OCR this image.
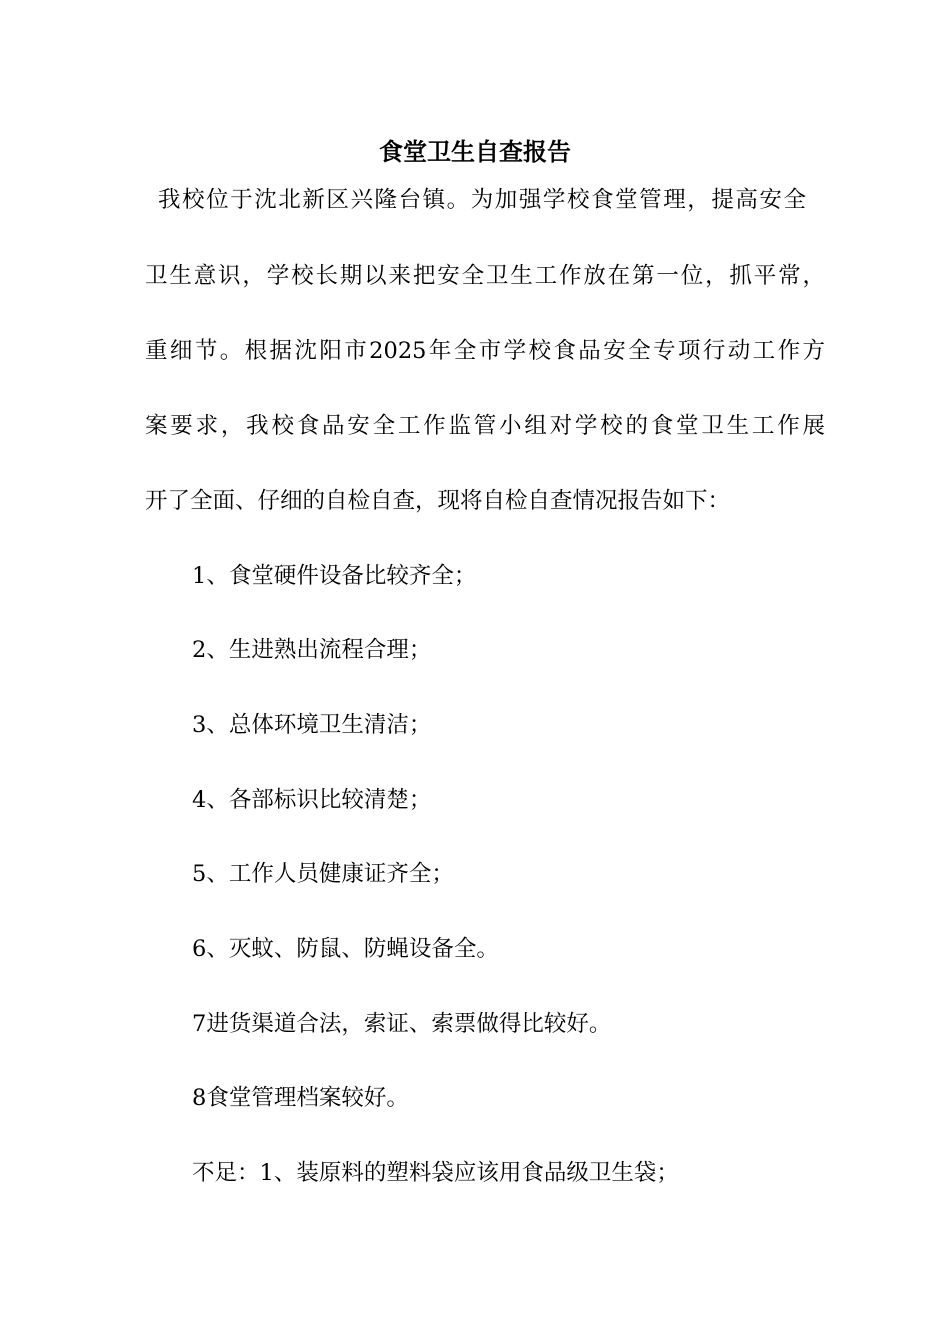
食堂卫生自查报告
我校位于沈北新区兴隆台镇。为加强学校食堂管理，提高安全
卫生意识，学校长期以来把安全卫生工作放在第一位，抓平常，
重细节。根据沈阳市2025年全市学校食品安全专项行动工作方
案要求，我校食品安全工作监管小组对学校的食堂卫生工作展
开了全面、仔细的自检自查，现将自检自查情况报告如下：
1、食堂硬件设备比较齐全；
2、生进熟出流程合理；
3、总体环境卫生清洁；
4、各部标识比较清楚；
5、工作人员健康证齐全；
6、灭蚊、防鼠、防蝇设备全。
7进货渠道合法，索证、索票做得比较好。
8食堂管理档案较好。
不足：1、装原料的塑料袋应该用食品级卫生袋；
